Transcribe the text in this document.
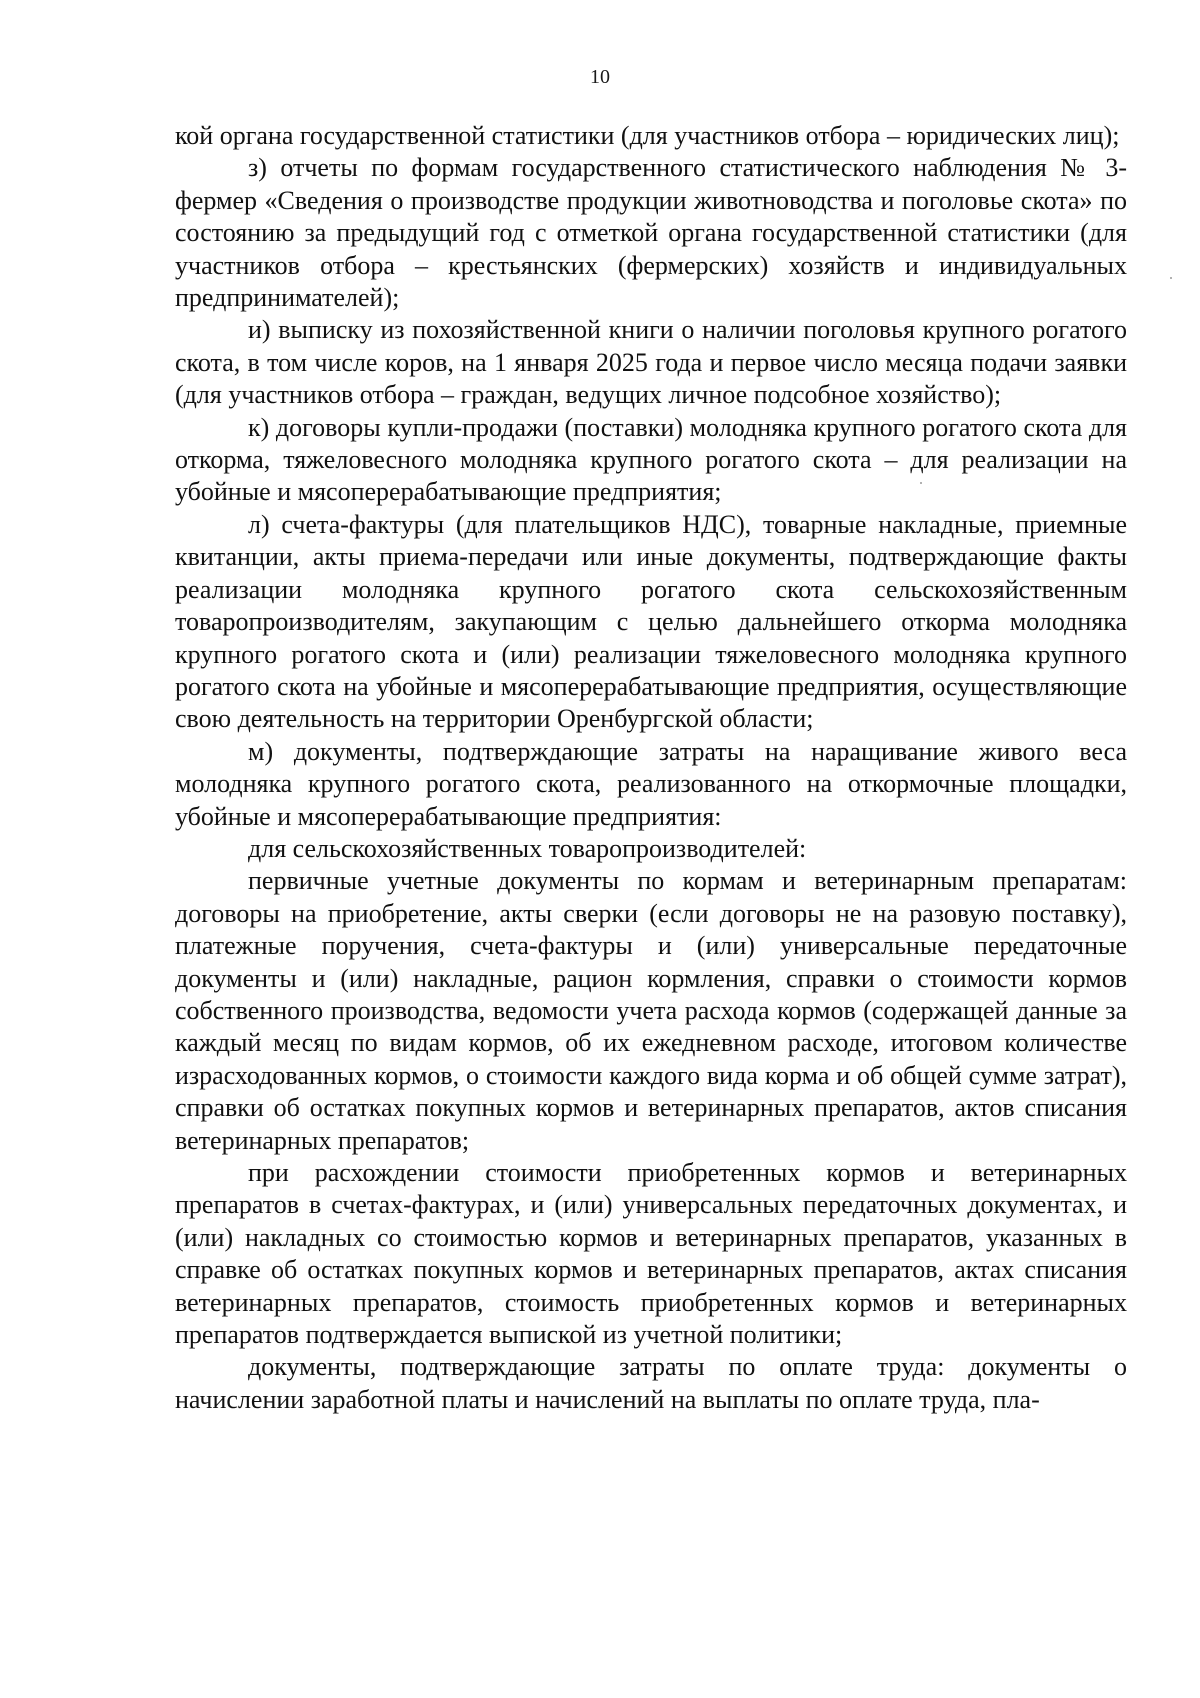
10

кой органа государственной статистики (для участников отбора – юридических лиц);

з) отчеты по формам государственного статистического наблюдения № 3-фермер «Сведения о производстве продукции животноводства и поголовье скота» по состоянию за предыдущий год с отметкой органа государственной статистики (для участников отбора – крестьянских (фермерских) хозяйств и индивидуальных предпринимателей);

и) выписку из похозяйственной книги о наличии поголовья крупного рогатого скота, в том числе коров, на 1 января 2025 года и первое число месяца подачи заявки (для участников отбора – граждан, ведущих личное подсобное хозяйство);

к) договоры купли-продажи (поставки) молодняка крупного рогатого скота для откорма, тяжеловесного молодняка крупного рогатого скота – для реализации на убойные и мясоперерабатывающие предприятия;

л) счета-фактуры (для плательщиков НДС), товарные накладные, приемные квитанции, акты приема-передачи или иные документы, подтверждающие факты реализации молодняка крупного рогатого скота сельскохозяйственным товаропроизводителям, закупающим с целью дальнейшего откорма молодняка крупного рогатого скота и (или) реализации тяжеловесного молодняка крупного рогатого скота на убойные и мясоперерабатывающие предприятия, осуществляющие свою деятельность на территории Оренбургской области;

м) документы, подтверждающие затраты на наращивание живого веса молодняка крупного рогатого скота, реализованного на откормочные площадки, убойные и мясоперерабатывающие предприятия:

для сельскохозяйственных товаропроизводителей:

первичные учетные документы по кормам и ветеринарным препаратам: договоры на приобретение, акты сверки (если договоры не на разовую поставку), платежные поручения, счета-фактуры и (или) универсальные передаточные документы и (или) накладные, рацион кормления, справки о стоимости кормов собственного производства, ведомости учета расхода кормов (содержащей данные за каждый месяц по видам кормов, об их ежедневном расходе, итоговом количестве израсходованных кормов, о стоимости каждого вида корма и об общей сумме затрат), справки об остатках покупных кормов и ветеринарных препаратов, актов списания ветеринарных препаратов;

при расхождении стоимости приобретенных кормов и ветеринарных препаратов в счетах-фактурах, и (или) универсальных передаточных документах, и (или) накладных со стоимостью кормов и ветеринарных препаратов, указанных в справке об остатках покупных кормов и ветеринарных препаратов, актах списания ветеринарных препаратов, стоимость приобретенных кормов и ветеринарных препаратов подтверждается выпиской из учетной политики;

документы, подтверждающие затраты по оплате труда: документы о начислении заработной платы и начислений на выплаты по оплате труда, пла-
